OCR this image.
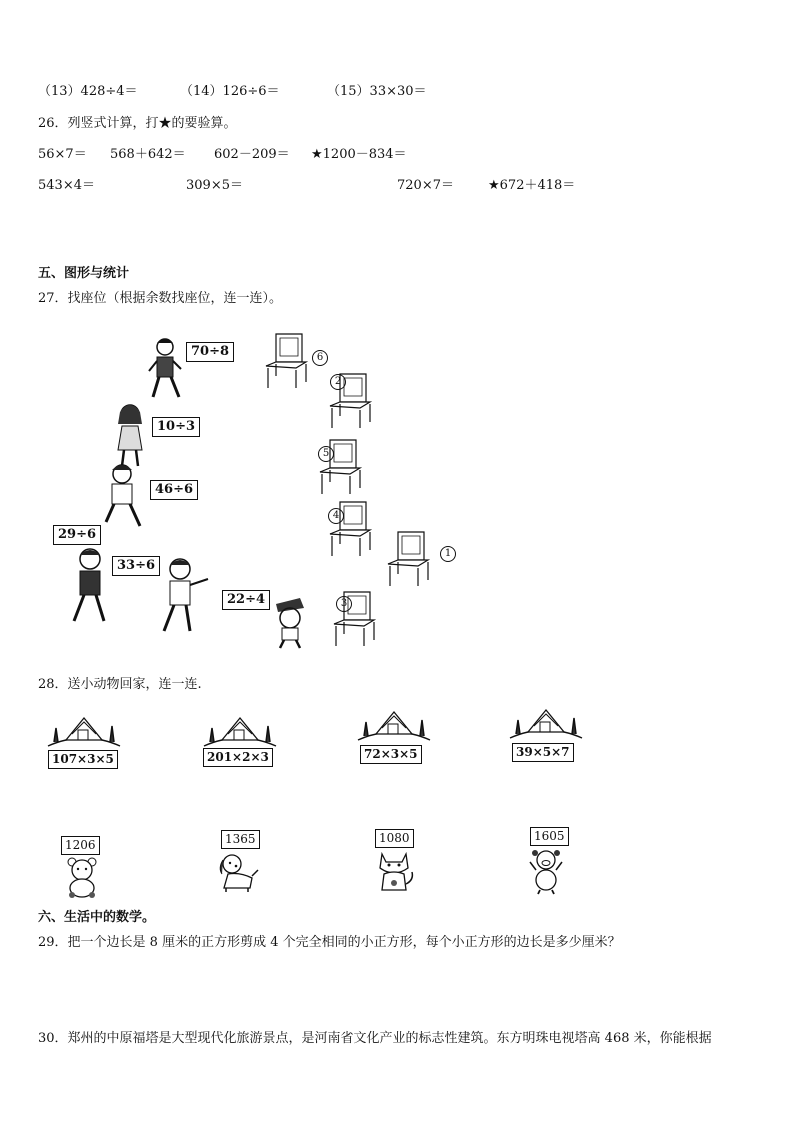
（13）428÷4＝	（14）126÷6＝	（15）33×30＝
26．列竖式计算，打★的要验算。
56×7＝ 568＋642＝ 602－209＝ ★1200－834＝
543×4＝	309×5＝	720×7＝	★672＋418＝
五、图形与统计
27．找座位（根据余数找座位，连一连）。
70÷8
10÷3
46÷6
29÷6
33÷6
22÷4
6
2
5
4
1
3
28．送小动物回家，连一连.
107×3×5	201×2×3	72×3×5	39×5×7
1206	1365	1080	1605
六、生活中的数学。
29．把一个边长是 8 厘米的正方形剪成 4 个完全相同的小正方形，每个小正方形的边长是多少厘米？
30．郑州的中原福塔是大型现代化旅游景点，是河南省文化产业的标志性建筑。东方明珠电视塔高 468 米，你能根据
